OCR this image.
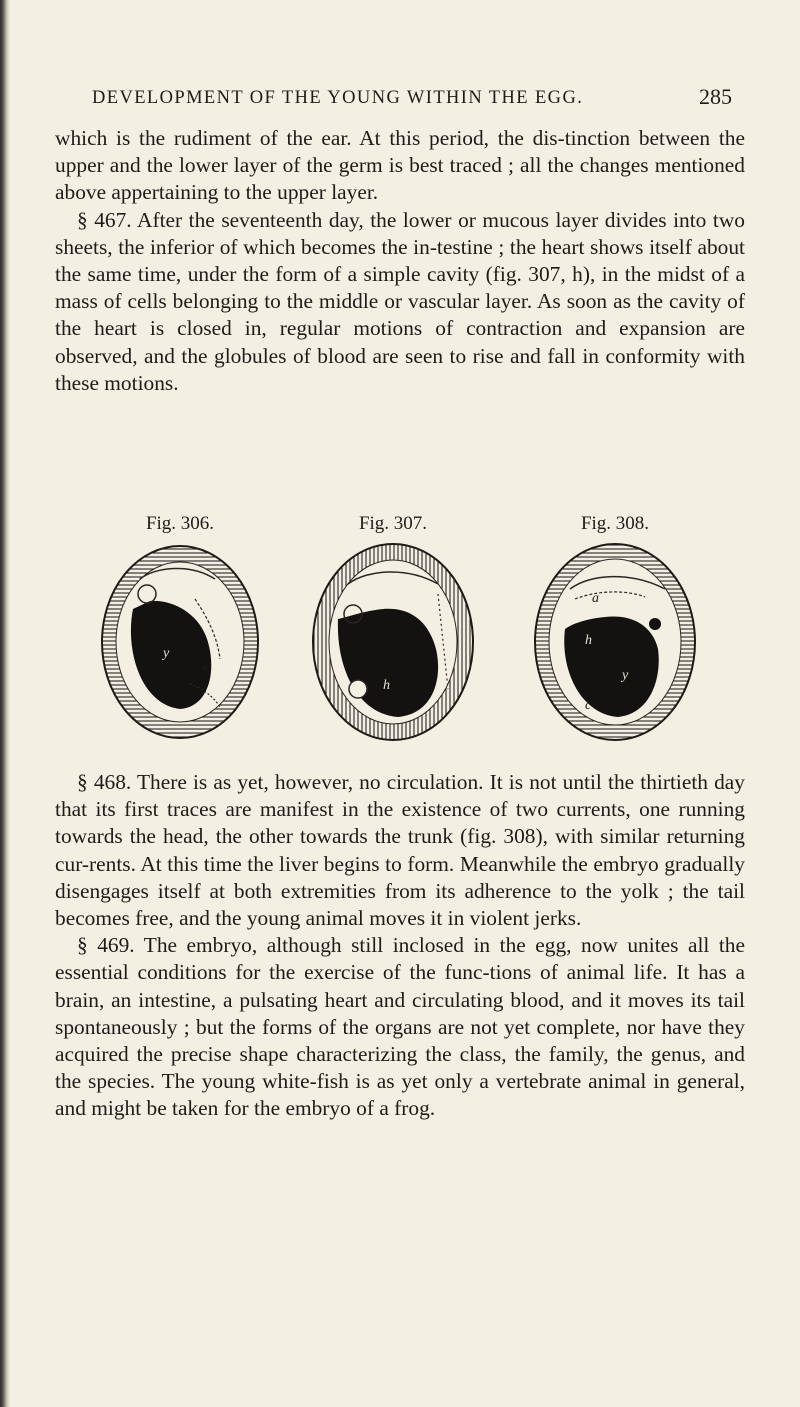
DEVELOPMENT OF THE YOUNG WITHIN THE EGG.	285

which is the rudiment of the ear. At this period, the dis-tinction between the upper and the lower layer of the germ is best traced ; all the changes mentioned above appertaining to the upper layer.

§ 467. After the seventeenth day, the lower or mucous layer divides into two sheets, the inferior of which becomes the in-testine ; the heart shows itself about the same time, under the form of a simple cavity (fig. 307, h), in the midst of a mass of cells belonging to the middle or vascular layer. As soon as the cavity of the heart is closed in, regular motions of contraction and expansion are observed, and the globules of blood are seen to rise and fall in conformity with these motions.

Fig. 306.
y
e
Fig. 307.
h
Fig. 308.
a
h
y
c

§ 468. There is as yet, however, no circulation. It is not until the thirtieth day that its first traces are manifest in the existence of two currents, one running towards the head, the other towards the trunk (fig. 308), with similar returning cur-rents. At this time the liver begins to form. Meanwhile the embryo gradually disengages itself at both extremities from its adherence to the yolk ; the tail becomes free, and the young animal moves it in violent jerks.

§ 469. The embryo, although still inclosed in the egg, now unites all the essential conditions for the exercise of the func-tions of animal life. It has a brain, an intestine, a pulsating heart and circulating blood, and it moves its tail spontaneously ; but the forms of the organs are not yet complete, nor have they acquired the precise shape characterizing the class, the family, the genus, and the species. The young white-fish is as yet only a vertebrate animal in general, and might be taken for the embryo of a frog.
